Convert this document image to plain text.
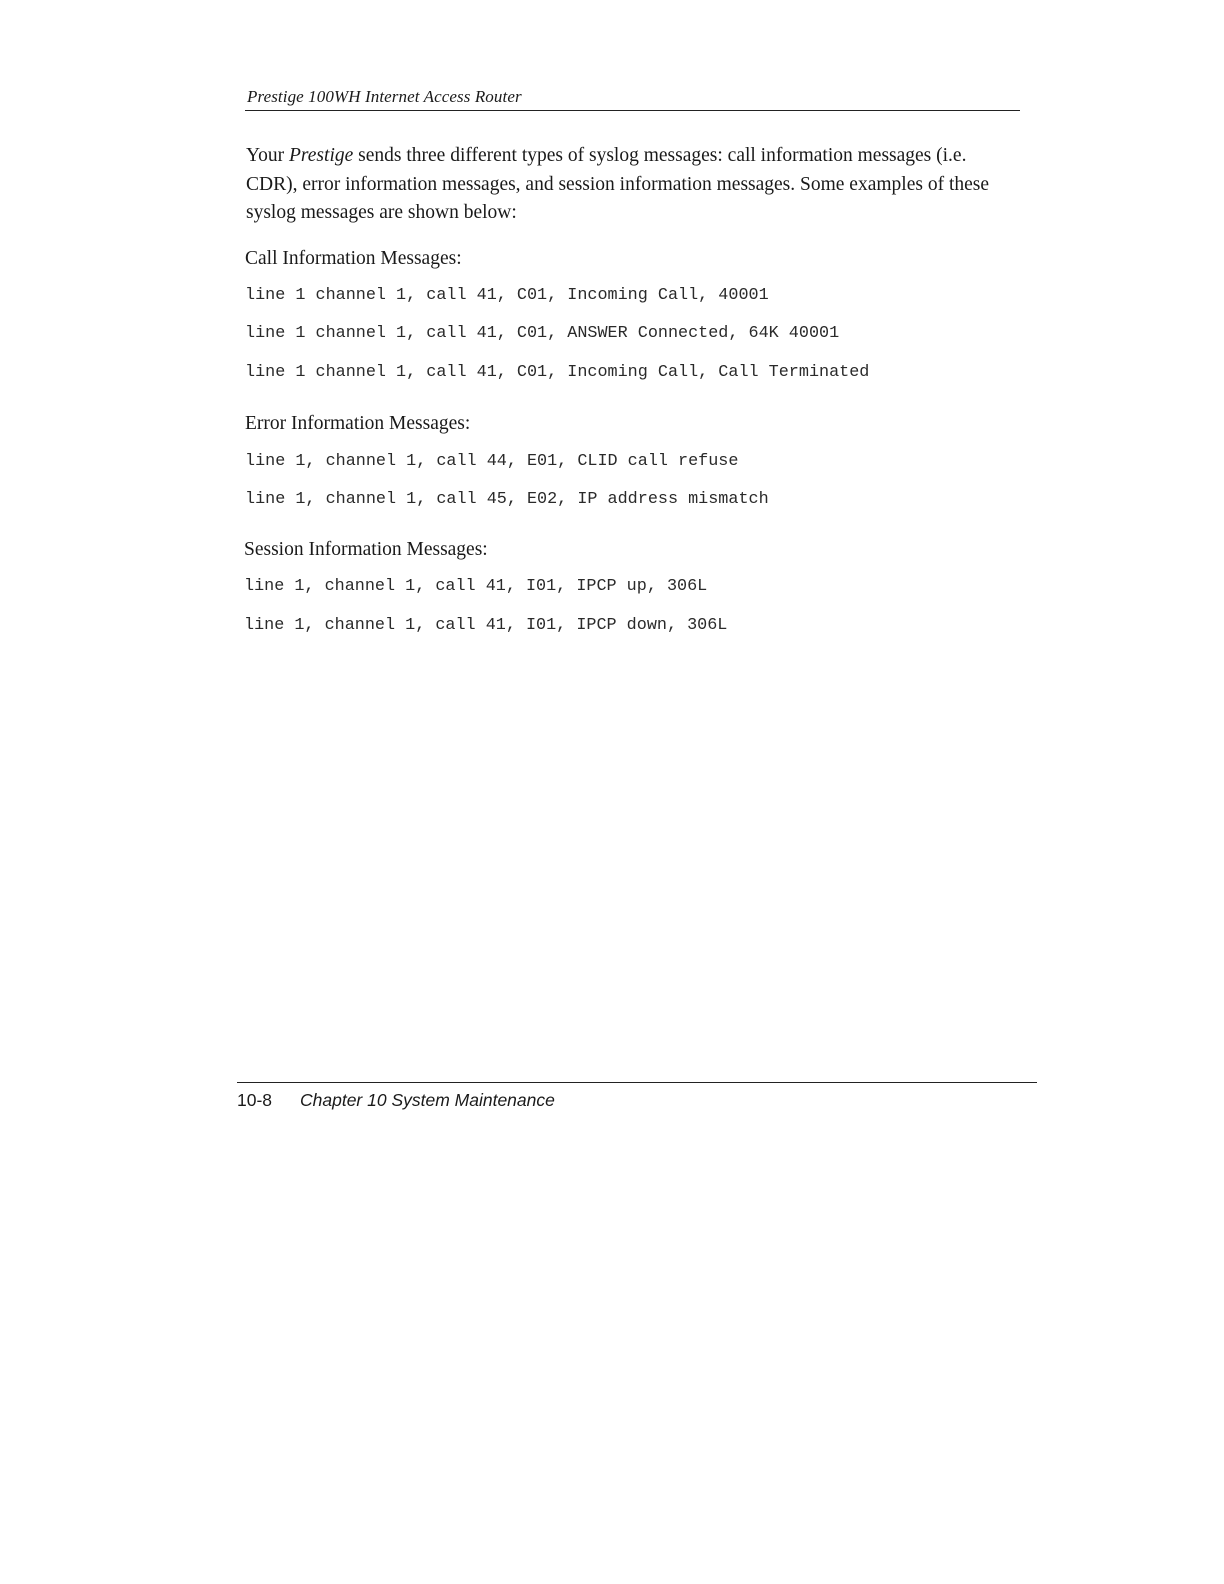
Prestige 100WH Internet Access Router

Your Prestige sends three different types of syslog messages: call information messages (i.e. CDR), error information messages, and session information messages. Some examples of these syslog messages are shown below:

Call Information Messages:

line 1 channel 1, call 41, C01, Incoming Call, 40001

line 1 channel 1, call 41, C01, ANSWER Connected, 64K 40001

line 1 channel 1, call 41, C01, Incoming Call, Call Terminated

Error Information Messages:

line 1, channel 1, call 44, E01, CLID call refuse

line 1, channel 1, call 45, E02, IP address mismatch

Session Information Messages:

line 1, channel 1, call 41, I01, IPCP up, 306L

line 1, channel 1, call 41, I01, IPCP down, 306L

10-8 Chapter 10 System Maintenance
